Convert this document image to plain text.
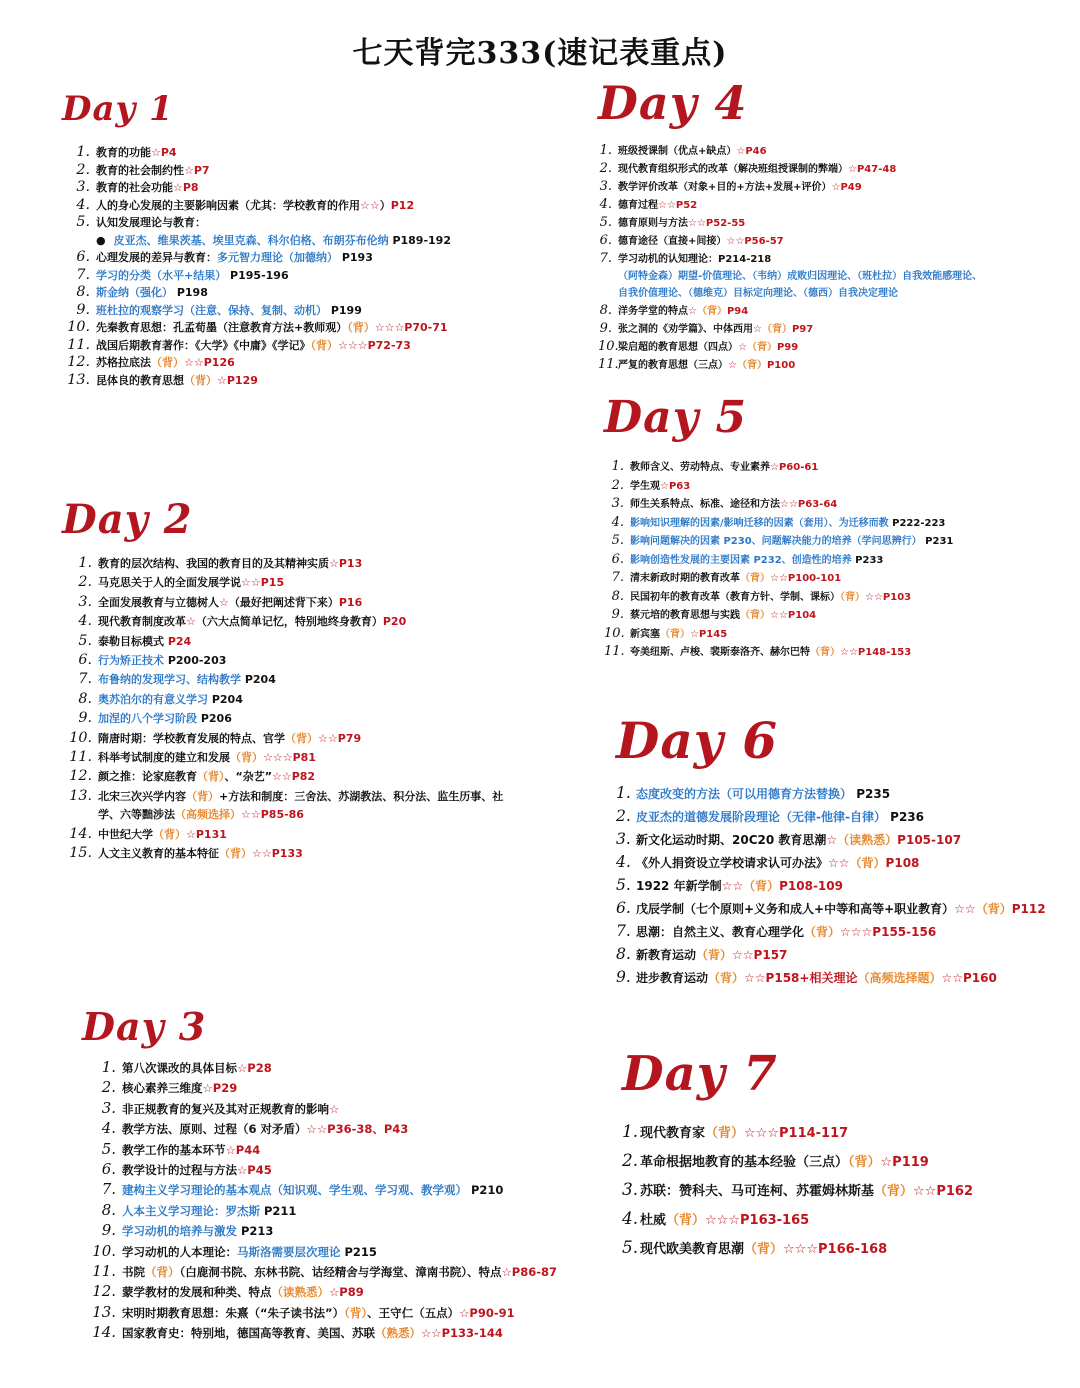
七天背完333(速记表重点)
Day 1
1. 教育的功能☆P4
2. 教育的社会制约性☆P7
3. 教育的社会功能☆P8
4. 人的身心发展的主要影响因素（尤其：学校教育的作用☆☆）P12
5. 认知发展理论与教育：
● 皮亚杰、维果茨基、埃里克森、科尔伯格、布朗芬布伦纳 P189-192
6. 心理发展的差异与教育：多元智力理论（加德纳） P193
7. 学习的分类（水平+结果） P195-196
8. 斯金纳（强化） P198
9. 班杜拉的观察学习（注意、保持、复制、动机） P199
10. 先秦教育思想：孔孟荀墨（注意教育方法+教师观）（背）☆☆☆P70-71
11. 战国后期教育著作：《大学》《中庸》《学记》（背）☆☆☆P72-73
12. 苏格拉底法（背）☆☆P126
13. 昆体良的教育思想（背）☆P129
Day 2
1. 教育的层次结构、我国的教育目的及其精神实质☆P13
2. 马克思关于人的全面发展学说☆☆P15
3. 全面发展教育与立德树人☆（最好把阐述背下来）P16
4. 现代教育制度改革☆（六大点简单记忆，特别地终身教育）P20
5. 泰勒目标模式 P24
6. 行为矫正技术 P200-203
7. 布鲁纳的发现学习、结构教学 P204
8. 奥苏泊尔的有意义学习 P204
9. 加涅的八个学习阶段 P206
10. 隋唐时期：学校教育发展的特点、官学（背）☆☆P79
11. 科举考试制度的建立和发展（背）☆☆☆P81
12. 颜之推：论家庭教育（背）、“杂艺”☆☆P82
13. 北宋三次兴学内容（背）+方法和制度：三舍法、苏湖教法、积分法、监生历事、社
学、六等黜涉法（高频选择）☆☆P85-86
14. 中世纪大学（背）☆P131
15. 人文主义教育的基本特征（背）☆☆P133
Day 3
1. 第八次课改的具体目标☆P28
2. 核心素养三维度☆P29
3. 非正规教育的复兴及其对正规教育的影响☆
4. 教学方法、原则、过程（6 对矛盾）☆☆P36-38、P43
5. 教学工作的基本环节☆P44
6. 教学设计的过程与方法☆P45
7. 建构主义学习理论的基本观点（知识观、学生观、学习观、教学观） P210
8. 人本主义学习理论：罗杰斯 P211
9. 学习动机的培养与激发 P213
10. 学习动机的人本理论：马斯洛需要层次理论 P215
11. 书院（背）（白鹿洞书院、东林书院、诂经精舍与学海堂、漳南书院）、特点☆P86-87
12. 蒙学教材的发展和种类、特点（读熟悉）☆P89
13. 宋明时期教育思想：朱熹（“朱子读书法”）（背）、王守仁（五点）☆P90-91
14. 国家教育史：特别地，德国高等教育、美国、苏联（熟悉）☆☆P133-144
Day 4
1. 班级授课制（优点+缺点）☆P46
2. 现代教育组织形式的改革（解决班组授课制的弊端）☆P47-48
3. 教学评价改革（对象+目的+方法+发展+评价）☆P49
4. 德育过程☆☆P52
5. 德育原则与方法☆☆P52-55
6. 德育途径（直接+间接）☆☆P56-57
7. 学习动机的认知理论：P214-218
（阿特金森）期望-价值理论、（韦纳）成败归因理论、（班杜拉）自我效能感理论、
自我价值理论、（德维克）目标定向理论、（德西）自我决定理论
8. 洋务学堂的特点☆（背）P94
9. 张之洞的《劝学篇》、中体西用☆（背）P97
10. 梁启超的教育思想（四点）☆（背）P99
11. 严复的教育思想（三点）☆（背）P100
Day 5
1. 教师含义、劳动特点、专业素养☆P60-61
2. 学生观☆P63
3. 师生关系特点、标准、途径和方法☆☆P63-64
4. 影响知识理解的因素/影响迁移的因素（套用）、为迁移而教 P222-223
5. 影响问题解决的因素 P230、问题解决能力的培养（学问思辨行） P231
6. 影响创造性发展的主要因素 P232、创造性的培养 P233
7. 清末新政时期的教育改革（背）☆☆P100-101
8. 民国初年的教育改革（教育方针、学制、课标）（背）☆☆P103
9. 蔡元培的教育思想与实践（背）☆☆P104
10. 新宾塞（背）☆P145
11. 夸美纽斯、卢梭、裴斯泰洛齐、赫尔巴特（背）☆☆P148-153
Day 6
1. 态度改变的方法（可以用德育方法替换） P235
2. 皮亚杰的道德发展阶段理论（无律-他律-自律） P236
3. 新文化运动时期、20C20 教育思潮☆（读熟悉）P105-107
4. 《外人捐资设立学校请求认可办法》☆☆（背）P108
5. 1922 年新学制☆☆（背）P108-109
6. 戊辰学制（七个原则+义务和成人+中等和高等+职业教育）☆☆（背）P112
7. 思潮：自然主义、教育心理学化（背）☆☆☆P155-156
8. 新教育运动（背）☆☆P157
9. 进步教育运动（背）☆☆P158+相关理论（高频选择题）☆☆P160
Day 7
1. 现代教育家（背）☆☆☆P114-117
2. 革命根据地教育的基本经验（三点）（背）☆P119
3. 苏联：赞科夫、马可连柯、苏霍姆林斯基（背）☆☆P162
4. 杜威（背）☆☆☆P163-165
5. 现代欧美教育思潮（背）☆☆☆P166-168
